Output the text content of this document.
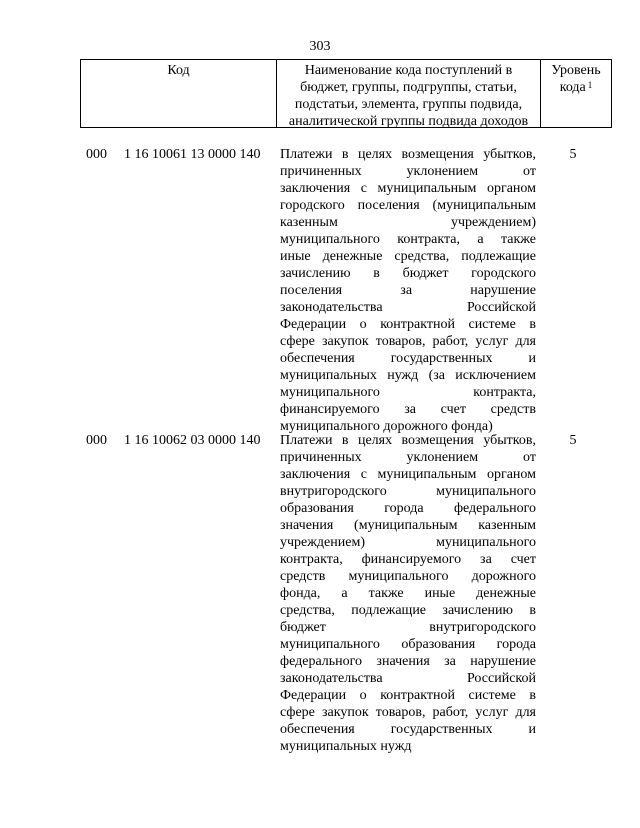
303
Код	Наименование кода поступлений в
бюджет, группы, подгруппы, статьи,
подстатьи, элемента, группы подвида,
аналитической группы подвида доходов
Уровень
кода $^1$
000 1 16 10061 13 0000 140 Платежи в целях возмещения убытков,
причиненных уклонением от
заключения с муниципальным органом
городского поселения (муниципальным
казенным учреждением)
муниципального контракта, а также
иные денежные средства, подлежащие
зачислению в бюджет городского
поселения за нарушение
законодательства Российской
Федерации о контрактной системе в
сфере закупок товаров, работ, услуг для
обеспечения государственных и
муниципальных нужд (за исключением
муниципального контракта,
финансируемого за счет средств
муниципального дорожного фонда)
5
000 1 16 10062 03 0000 140 Платежи в целях возмещения убытков,
причиненных уклонением от
заключения с муниципальным органом
внутригородского муниципального
образования города федерального
значения (муниципальным казенным
учреждением) муниципального
контракта, финансируемого за счет
средств муниципального дорожного
фонда, а также иные денежные
средства, подлежащие зачислению в
бюджет внутригородского
муниципального образования города
федерального значения за нарушение
законодательства Российской
Федерации о контрактной системе в
сфере закупок товаров, работ, услуг для
обеспечения государственных и
муниципальных нужд
5
